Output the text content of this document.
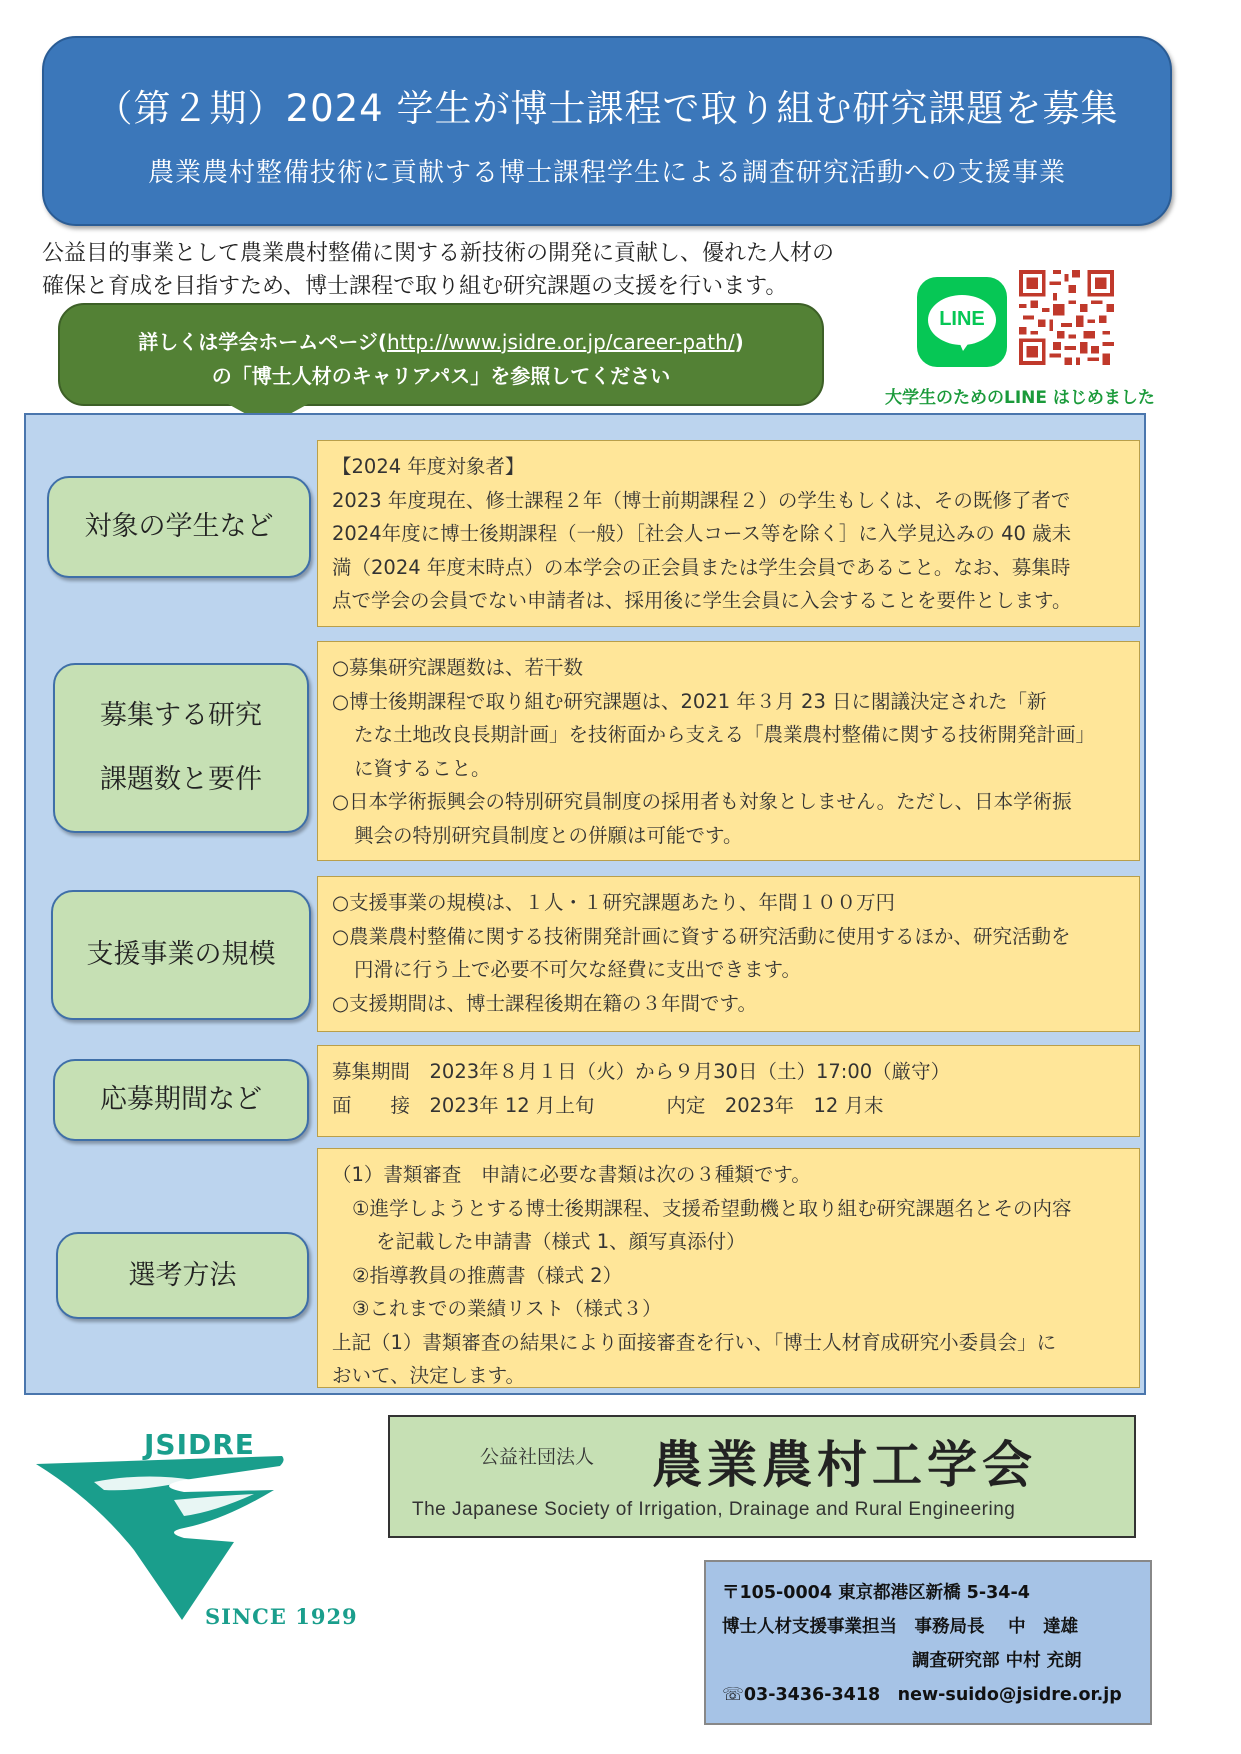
（第２期）2024 学生が博士課程で取り組む研究課題を募集
農業農村整備技術に貢献する博士課程学生による調査研究活動への支援事業

公益目的事業として農業農村整備に関する新技術の開発に貢献し、優れた人材の

確保と育成を目指すため、博士課程で取り組む研究課題の支援を行います。

詳しくは学会ホームページ(http://www.jsidre.or.jp/career-path/)

の「博士人材のキャリアパス」を参照してください

LINE
大学生のためのLINE はじめました
対象の学生など

【2024 年度対象者】

2023 年度現在、修士課程２年（博士前期課程２）の学生もしくは、その既修了者で

2024年度に博士後期課程（一般）［社会人コース等を除く］に入学見込みの 40 歳未

満（2024 年度末時点）の本学会の正会員または学生会員であること。なお、募集時

点で学会の会員でない申請者は、採用後に学生会員に入会することを要件とします。

募集する研究
課題数と要件

○募集研究課題数は、若干数

○博士後期課程で取り組む研究課題は、2021 年３月 23 日に閣議決定された「新

たな土地改良長期計画」を技術面から支える「農業農村整備に関する技術開発計画」

に資すること。

○日本学術振興会の特別研究員制度の採用者も対象としません。ただし、日本学術振

興会の特別研究員制度との併願は可能です。

支援事業の規模

○支援事業の規模は、１人・１研究課題あたり、年間１００万円

○農業農村整備に関する技術開発計画に資する研究活動に使用するほか、研究活動を

円滑に行う上で必要不可欠な経費に支出できます。

○支援期間は、博士課程後期在籍の３年間です。

応募期間など

募集期間　2023年８月１日（火）から９月30日（土）17:00（厳守）

面　　接　2023年 12 月上旬	内定　2023年　12 月末

選考方法

（1）書類審査　申請に必要な書類は次の３種類です。

①進学しようとする博士後期課程、支援希望動機と取り組む研究課題名とその内容

を記載した申請書（様式 1、顔写真添付）

②指導教員の推薦書（様式 2）

③これまでの業績リスト（様式３）

上記（1）書類審査の結果により面接審査を行い、「博士人材育成研究小委員会」に

おいて、決定します。

JSIDRE
SINCE 1929
公益社団法人 農業農村工学会
The Japanese Society of Irrigation, Drainage and Rural Engineering

〒105-0004 東京都港区新橋 5-34-4

博士人材支援事業担当　事務局長　 中　達雄

調査研究部 中村 充朗

☏03-3436-3418　new-suido@jsidre.or.jp
